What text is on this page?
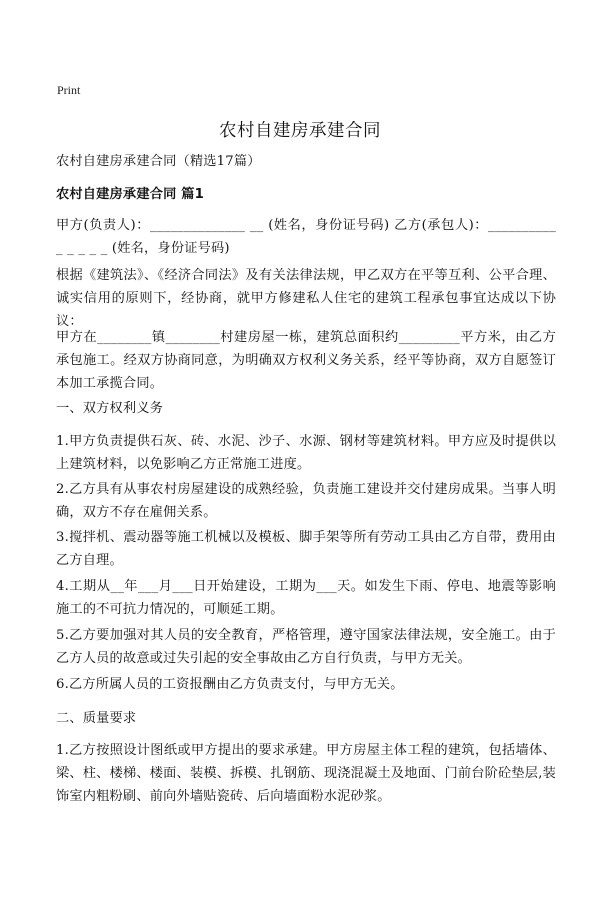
Print
农村自建房承建合同
农村自建房承建合同（精选17篇）
农村自建房承建合同 篇1
甲方(负责人)：______________ __ (姓名，身份证号码) 乙方(承包人)：__________ _ _ _ _ _ (姓名，身份证号码)
根据《建筑法》、《经济合同法》及有关法律法规，甲乙双方在平等互利、公平合理、诚实信用的原则下，经协商，就甲方修建私人住宅的建筑工程承包事宜达成以下协议：
甲方在________镇________村建房屋一栋，建筑总面积约_________平方米，由乙方承包施工。经双方协商同意，为明确双方权利义务关系，经平等协商，双方自愿签订本加工承揽合同。
一、双方权利义务
1.甲方负责提供石灰、砖、水泥、沙子、水源、钢材等建筑材料。甲方应及时提供以上建筑材料，以免影响乙方正常施工进度。
2.乙方具有从事农村房屋建设的成熟经验，负责施工建设并交付建房成果。当事人明确，双方不存在雇佣关系。
3.搅拌机、震动器等施工机械以及模板、脚手架等所有劳动工具由乙方自带，费用由乙方自理。
4.工期从__年___月___日开始建设，工期为___天。如发生下雨、停电、地震等影响施工的不可抗力情况的，可顺延工期。
5.乙方要加强对其人员的安全教育，严格管理，遵守国家法律法规，安全施工。由于乙方人员的故意或过失引起的安全事故由乙方自行负责，与甲方无关。
6.乙方所属人员的工资报酬由乙方负责支付，与甲方无关。
二、质量要求
1.乙方按照设计图纸或甲方提出的要求承建。甲方房屋主体工程的建筑，包括墙体、梁、柱、楼梯、楼面、装模、拆模、扎钢筋、现浇混凝土及地面、门前台阶砼垫层,装饰室内粗粉刷、前向外墙贴瓷砖、后向墙面粉水泥砂浆。
